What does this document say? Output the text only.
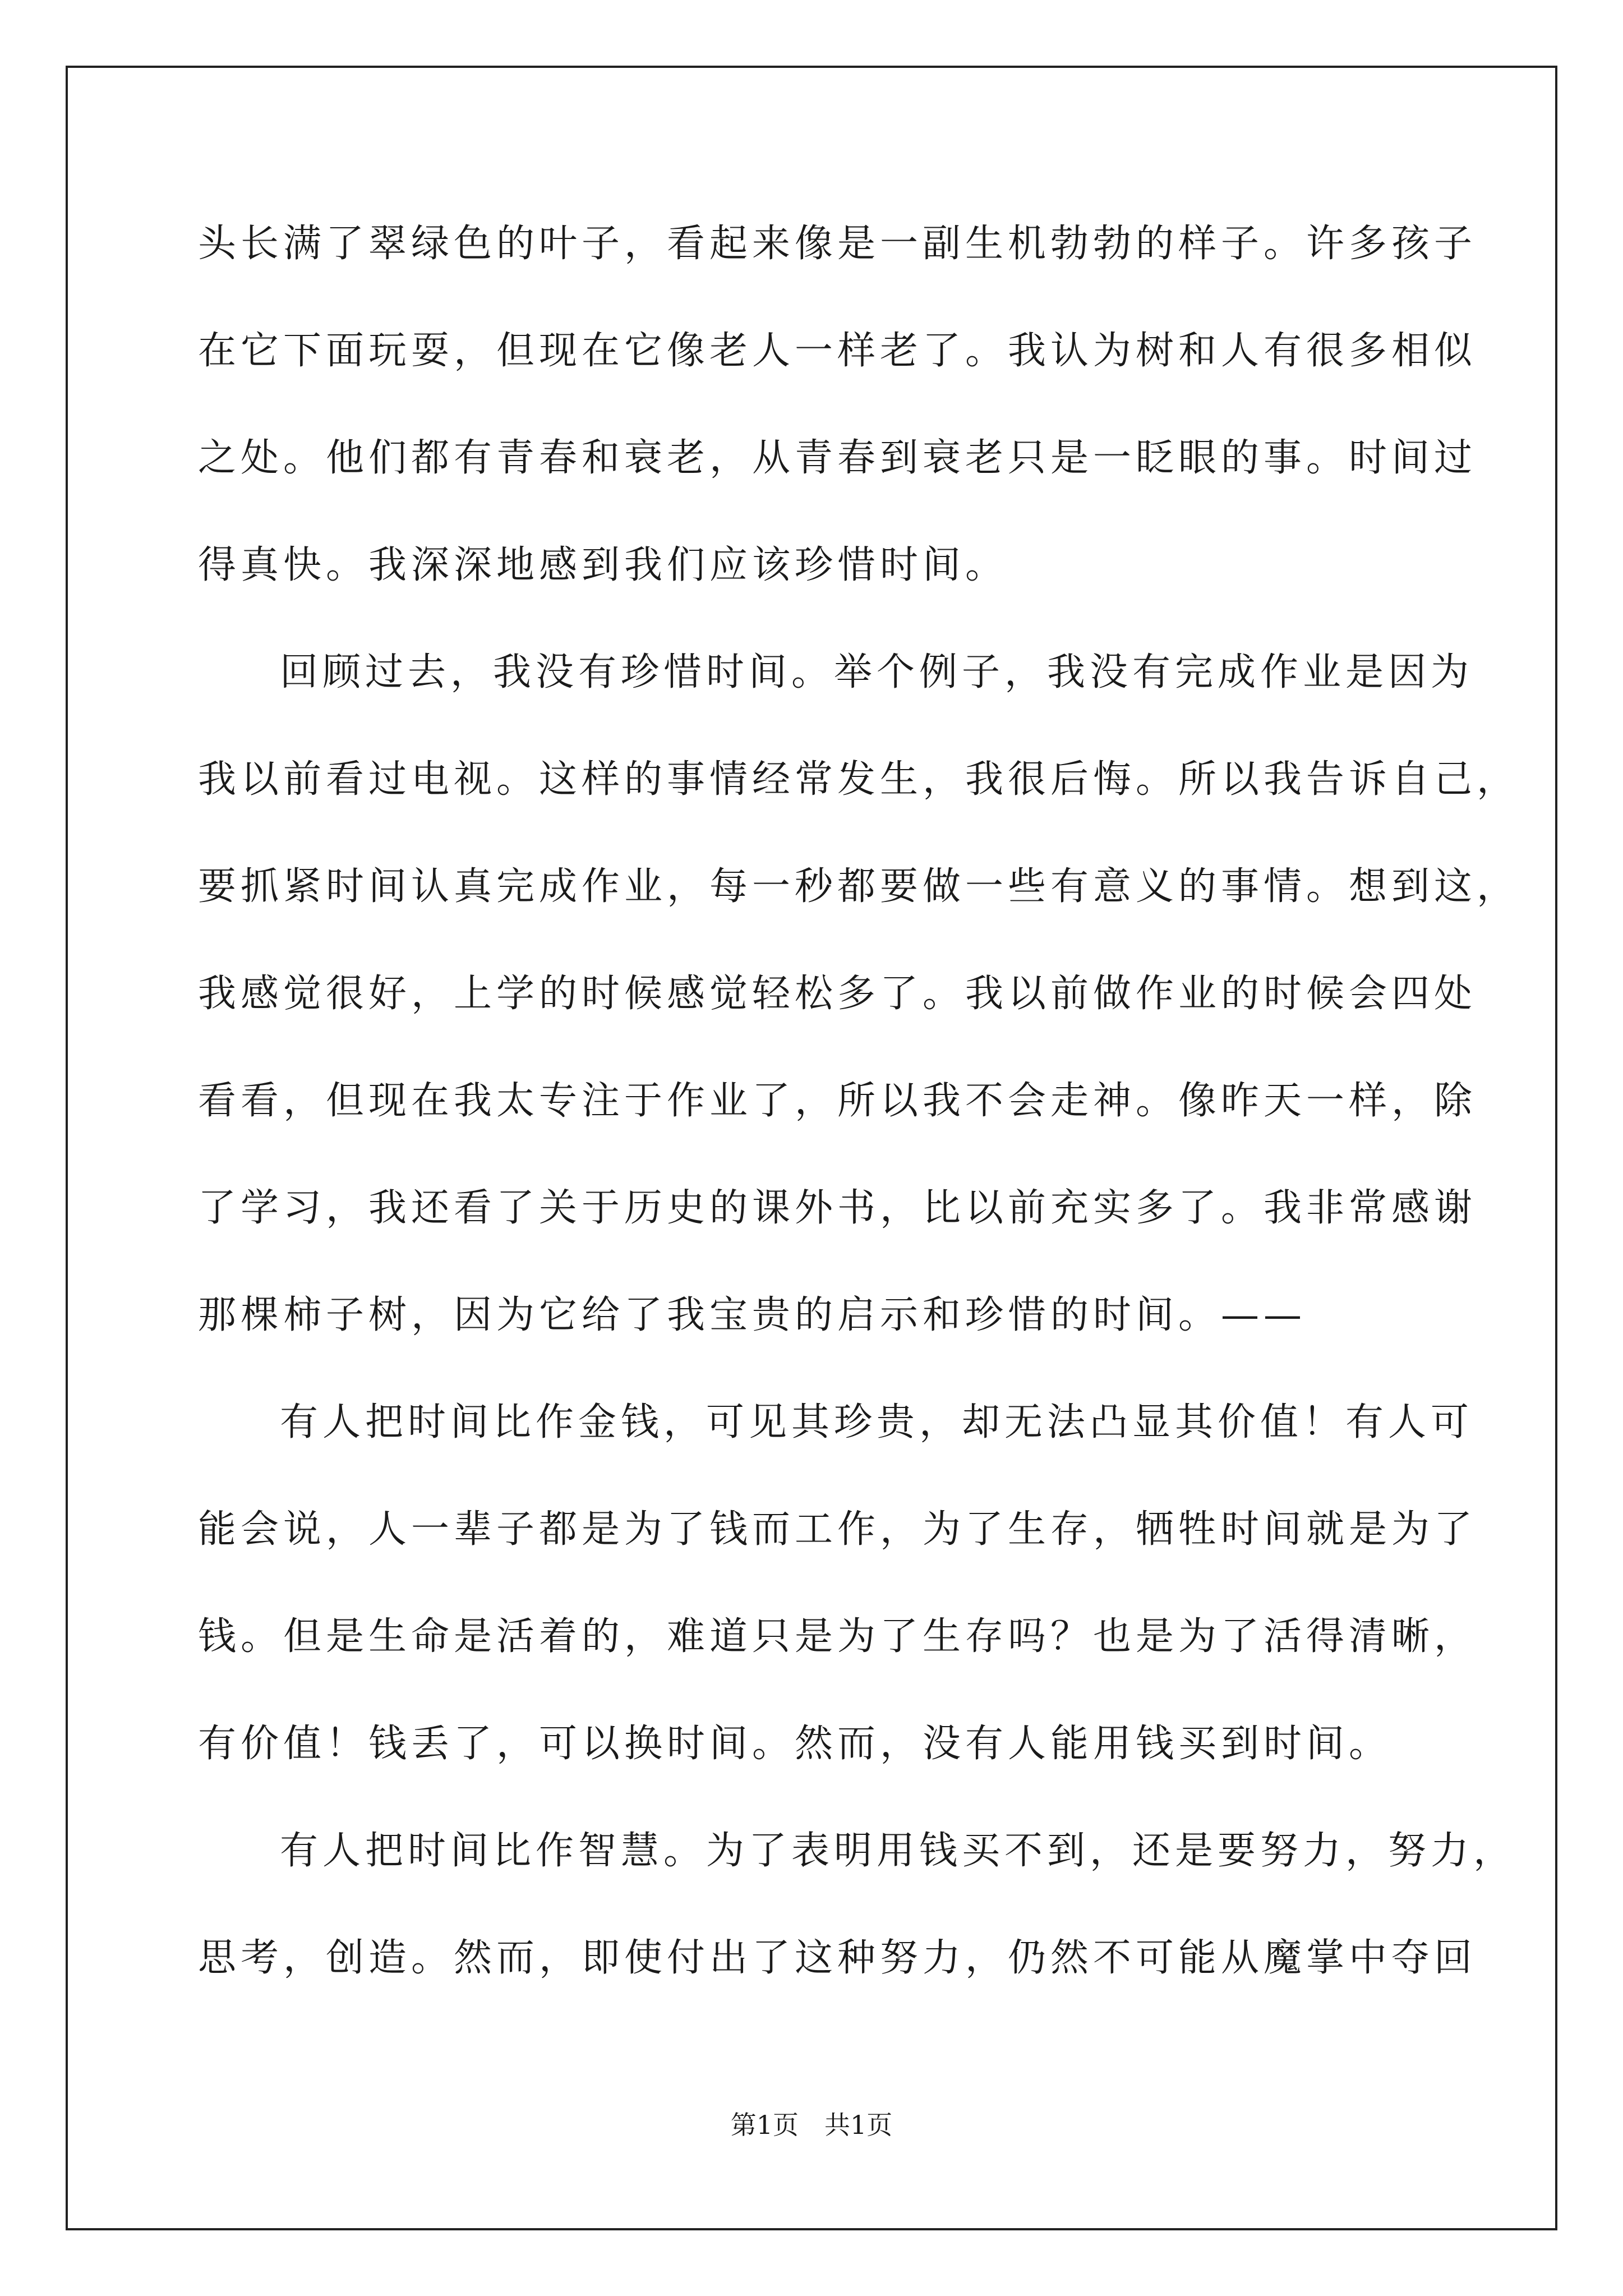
头长满了翠绿色的叶子，看起来像是一副生机勃勃的样子。许多孩子
在它下面玩耍，但现在它像老人一样老了。我认为树和人有很多相似
之处。他们都有青春和衰老，从青春到衰老只是一眨眼的事。时间过
得真快。我深深地感到我们应该珍惜时间。
回顾过去，我没有珍惜时间。举个例子，我没有完成作业是因为
我以前看过电视。这样的事情经常发生，我很后悔。所以我告诉自己，
要抓紧时间认真完成作业，每一秒都要做一些有意义的事情。想到这，
我感觉很好，上学的时候感觉轻松多了。我以前做作业的时候会四处
看看，但现在我太专注于作业了，所以我不会走神。像昨天一样，除
了学习，我还看了关于历史的课外书，比以前充实多了。我非常感谢
那棵柿子树，因为它给了我宝贵的启示和珍惜的时间。——
有人把时间比作金钱，可见其珍贵，却无法凸显其价值！有人可
能会说，人一辈子都是为了钱而工作，为了生存，牺牲时间就是为了
钱。但是生命是活着的，难道只是为了生存吗？也是为了活得清晰，
有价值！钱丢了，可以换时间。然而，没有人能用钱买到时间。
有人把时间比作智慧。为了表明用钱买不到，还是要努力，努力，
思考，创造。然而，即使付出了这种努力，仍然不可能从魔掌中夺回
第1页 共1页
